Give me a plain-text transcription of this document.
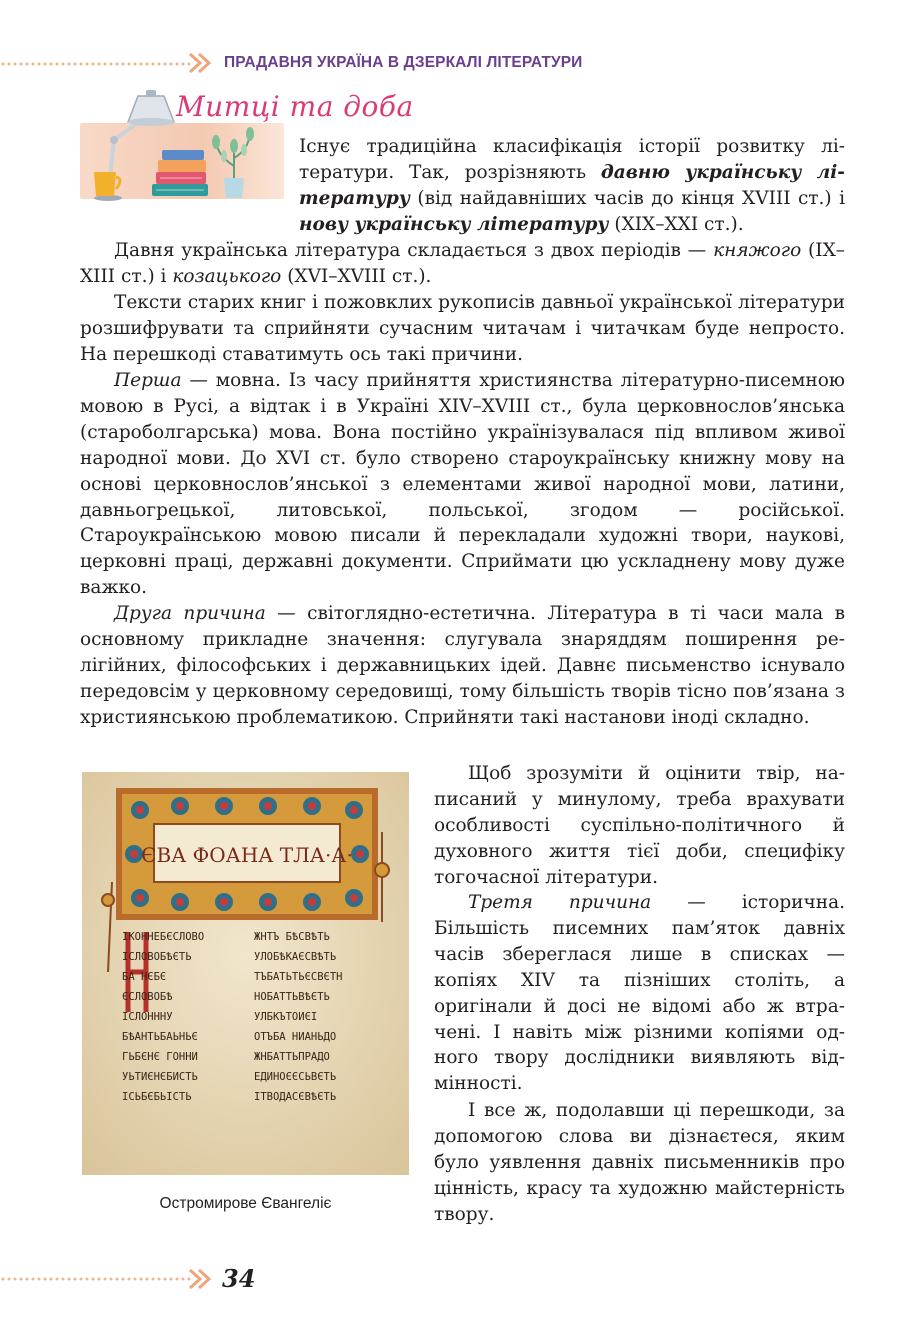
ПРАДАВНЯ УКРАЇНА В ДЗЕРКАЛІ ЛІТЕРАТУРИ
Митці та доба

Існує традиційна класифікація історії розвитку літератури. Так, розрізняють давню українську літературу (від найдавніших часів до кінця XVIII ст.) і нову українську літературу (XIX–XXI ст.).

Давня українська література складається з двох періодів — княжого (IX–XIII ст.) і козацького (XVI–XVIII ст.).

Тексти старих книг і пожовклих рукописів давньої української літератури розшифрувати та сприйняти сучасним читачам і читачкам буде непросто. На перешкоді ставатимуть ось такі причини.

Перша — мовна. Із часу прийняття християнства літературно-писемною мовою в Русі, а відтак і в Україні XIV–XVIII ст., була церковнослов’янська (староболгарська) мова. Вона постійно українізувалася під впливом живої народної мови. До XVI ст. було створено староукраїнську книжну мову на основі церковнослов’янської з елементами живої народної мови, латини, давньогрецької, литовської, польської, згодом — російської. Староукраїнською мовою писали й перекладали художні твори, наукові, церковні праці, державні документи. Сприймати цю ускладнену мову дуже важко.

Друга причина — світоглядно-естетична. Література в ті часи мала в основному прикладне значення: слугувала знаряддям поширення релігійних, філософських і державницьких ідей. Давнє письменство існувало передовсім у церковному середовищі, тому більшість творів тісно пов’язана з християнською проблематикою. Сприйняти такі настанови іноді складно.

Щоб зрозуміти й оцінити твір, написаний у минулому, треба врахувати особливості суспільно-політичного й духовного життя тієї доби, специфіку тогочасної літератури.

Третя причина — історична. Більшість писемних пам’яток давніх часів збереглася лише в списках — копіях XIV та пізніших століть, а оригінали й досі не відомі або ж втрачені. І навіть між різними копіями одного твору дослідники виявляють відмінності.

І все ж, подолавши ці перешкоди, за допомогою слова ви дізнаєтеся, яким було уявлення давніх письменників про цінність, красу та художню майстерність твору.

ЄВА ФОАНА ТЛА·А·
ІКОННЕБЄСЛОВО
ІСЛОВОБѢЄТЬ
БА НЄБЄ
ЄСЛОВОБѢ
ІСЛОНННУ
БѢАНТЬБАЬНЬЄ
ГЬБЄНЄ ГОННИ
УЬТИЄНЄБИСТЬ
ІСЬБЄБЬІСТЬ
ЖНТЪ БѢСВѢТЬ
УЛОБѢКАЄСВѢТЬ
ТЪБАТЬТЬЄСВЄТН
НОБАТТЬВѢЄТЬ
УЛБКЪТОИЄІ
ОТЪБА НИАНЬДО
ЖНБАТТЬПРАДО
ЕДИНОЄЄСЬВЄТЬ
ІТВОДАСЄВѢЄТЬ
Остромирове Євангеліє
34
